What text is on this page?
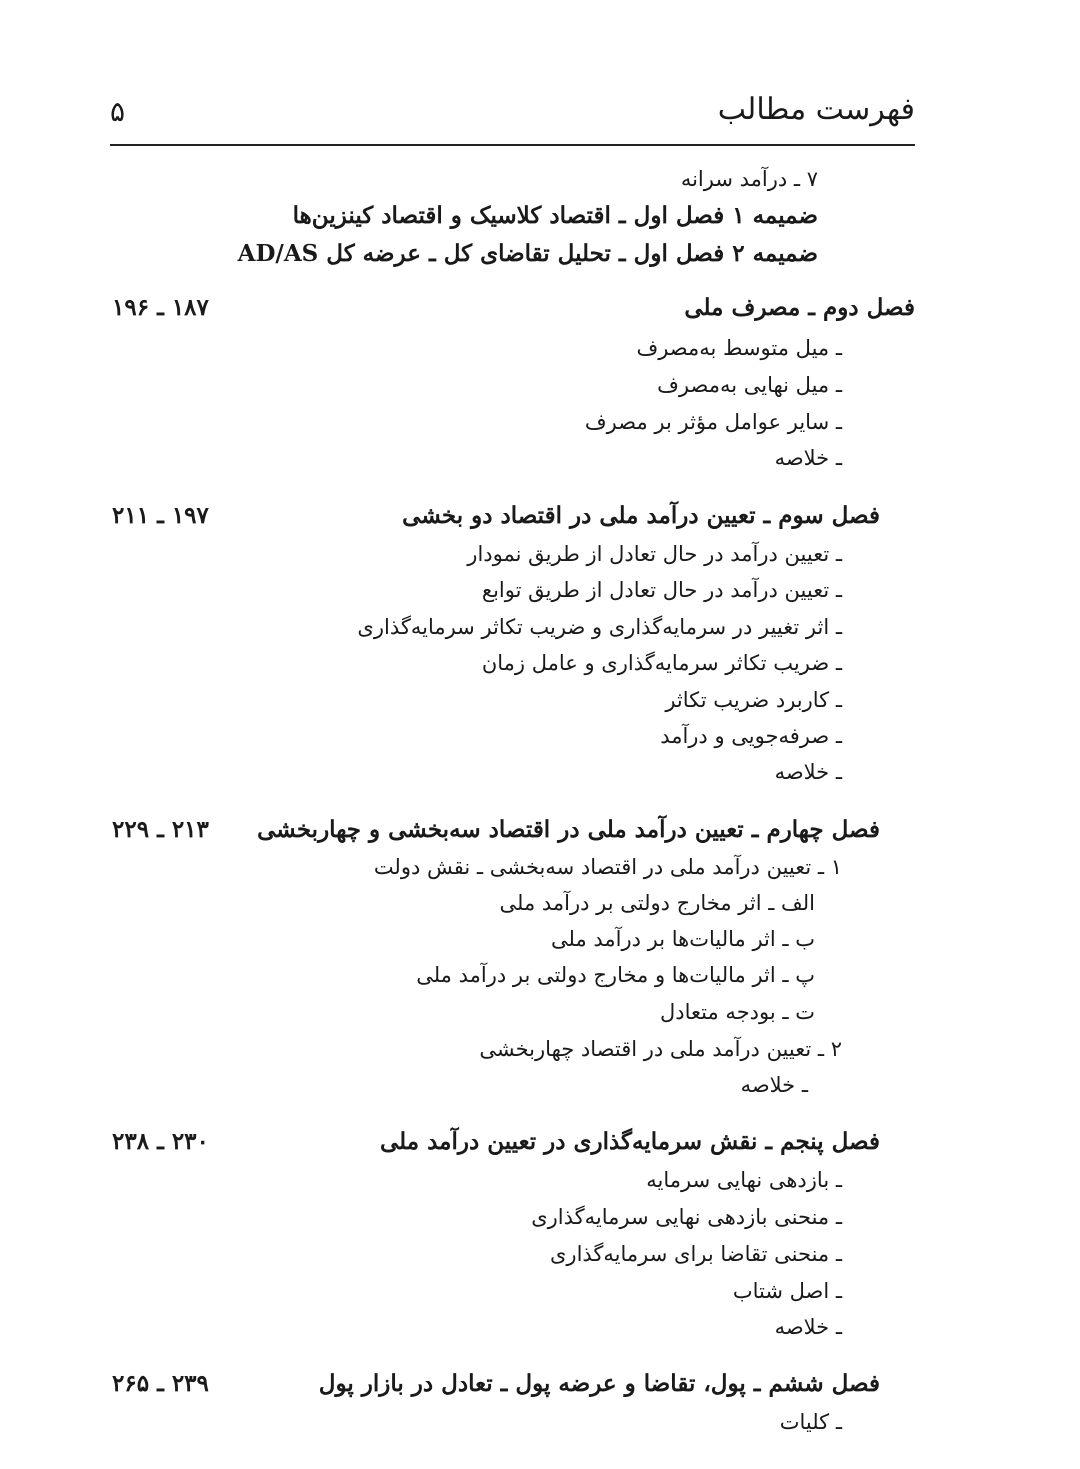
فهرست مطالب
۵
۷ ـ درآمد سرانه
ضمیمه ۱ فصل اول ـ اقتصاد کلاسیک و اقتصاد کینزین‌ها
ضمیمه ۲ فصل اول ـ تحلیل تقاضای کل ـ عرضه کل AD/AS
فصل دوم ـ مصرف ملی
۱۸۷ ـ ۱۹۶
ـ میل متوسط به‌مصرف
ـ میل نهایی به‌مصرف
ـ سایر عوامل مؤثر بر مصرف
ـ خلاصه
فصل سوم ـ تعیین درآمد ملی در اقتصاد دو بخشی
۱۹۷ ـ ۲۱۱
ـ تعیین درآمد در حال تعادل از طریق نمودار
ـ تعیین درآمد در حال تعادل از طریق توابع
ـ اثر تغییر در سرمایه‌گذاری و ضریب تکاثر سرمایه‌گذاری
ـ ضریب تکاثر سرمایه‌گذاری و عامل زمان
ـ کاربرد ضریب تکاثر
ـ صرفه‌جویی و درآمد
ـ خلاصه
فصل چهارم ـ تعیین درآمد ملی در اقتصاد سه‌بخشی و چهاربخشی
۲۱۳ ـ ۲۲۹
۱ ـ تعیین درآمد ملی در اقتصاد سه‌بخشی ـ نقش دولت
الف ـ اثر مخارج دولتی بر درآمد ملی
ب ـ اثر مالیات‌ها بر درآمد ملی
پ ـ اثر مالیات‌ها و مخارج دولتی بر درآمد ملی
ت ـ بودجه متعادل
۲ ـ تعیین درآمد ملی در اقتصاد چهاربخشی
ـ خلاصه
فصل پنجم ـ نقش سرمایه‌گذاری در تعیین درآمد ملی
۲۳۰ ـ ۲۳۸
ـ بازدهی نهایی سرمایه
ـ منحنی بازدهی نهایی سرمایه‌گذاری
ـ منحنی تقاضا برای سرمایه‌گذاری
ـ اصل شتاب
ـ خلاصه
فصل ششم ـ پول، تقاضا و عرضه پول ـ تعادل در بازار پول
۲۳۹ ـ ۲۶۵
ـ کلیات
